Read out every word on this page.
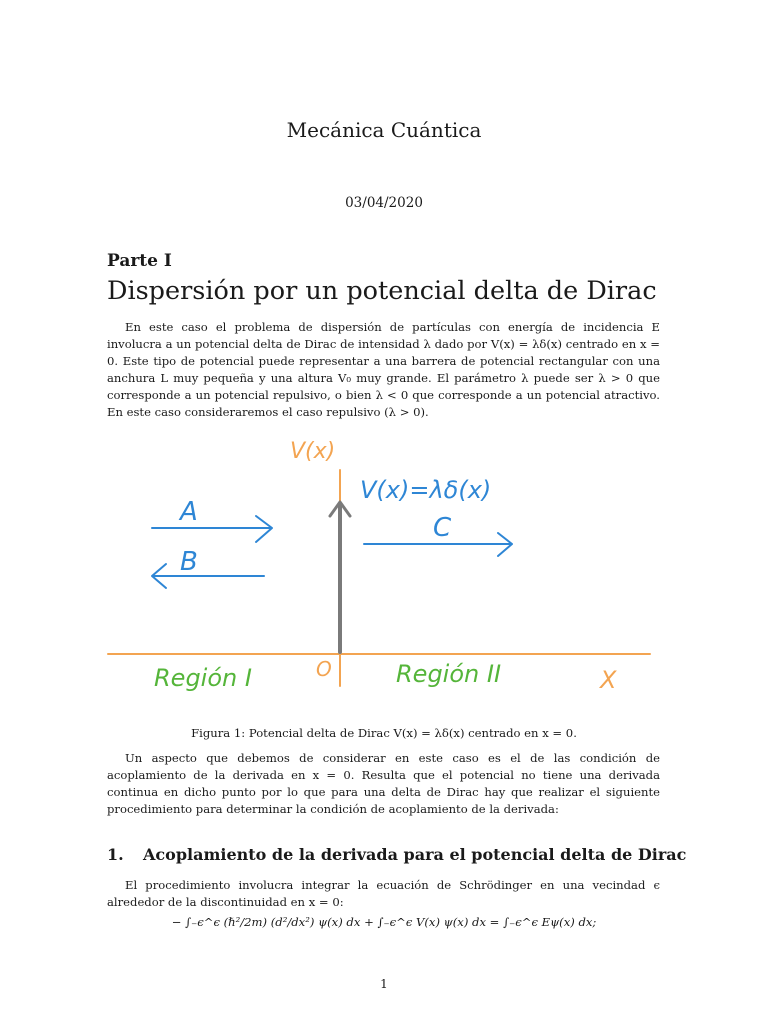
Mecánica Cuántica
03/04/2020
Parte I
Dispersión por un potencial delta de Dirac
En este caso el problema de dispersión de partículas con energía de incidencia E involucra a un potencial delta de Dirac de intensidad λ dado por V(x) = λδ(x) centrado en x = 0. Este tipo de potencial puede representar a una barrera de potencial rectangular con una anchura L muy pequeña y una altura V₀ muy grande. El parámetro λ puede ser λ > 0 que corresponde a un potencial repulsivo, o bien λ < 0 que corresponde a un potencial atractivo. En este caso consideraremos el caso repulsivo (λ > 0).
V(x)
V(x)=λδ(x)
A
B
C
O
Región I	Región II	X
Figura 1: Potencial delta de Dirac V(x) = λδ(x) centrado en x = 0.
Un aspecto que debemos de considerar en este caso es el de las condición de acoplamiento de la derivada en x = 0. Resulta que el potencial no tiene una derivada continua en dicho punto por lo que para una delta de Dirac hay que realizar el siguiente procedimiento para determinar la condición de acoplamiento de la derivada:
1. Acoplamiento de la derivada para el potencial delta de Dirac
El procedimiento involucra integrar la ecuación de Schrödinger en una vecindad ϵ alrededor de la discontinuidad en x = 0:
− ∫₋ϵ^ϵ (ℏ²/2m) (d²/dx²) ψ(x) dx + ∫₋ϵ^ϵ V(x) ψ(x) dx = ∫₋ϵ^ϵ Eψ(x) dx;
1
